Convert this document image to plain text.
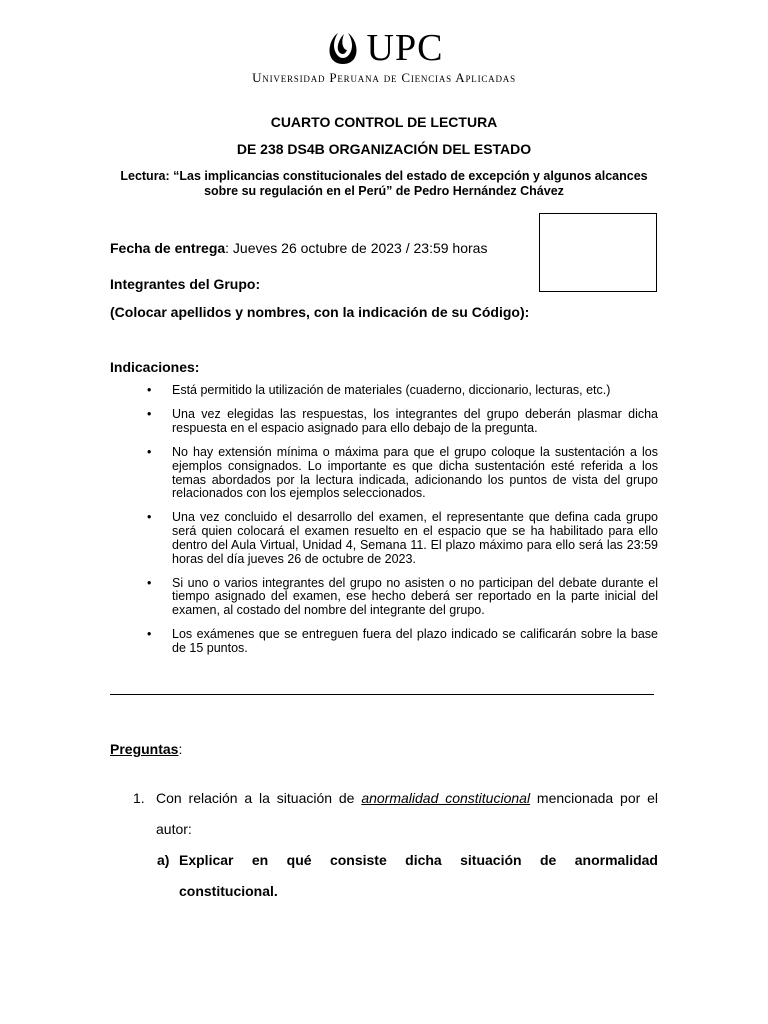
UPC
Universidad Peruana de Ciencias Aplicadas
CUARTO CONTROL DE LECTURA
DE 238 DS4B ORGANIZACIÓN DEL ESTADO
Lectura: “Las implicancias constitucionales del estado de excepción y algunos alcances sobre su regulación en el Perú” de Pedro Hernández Chávez
Fecha de entrega: Jueves 26 octubre de 2023 / 23:59 horas
Integrantes del Grupo:
(Colocar apellidos y nombres, con la indicación de su Código):
Indicaciones:
• Está permitido la utilización de materiales (cuaderno, diccionario, lecturas, etc.)
• Una vez elegidas las respuestas, los integrantes del grupo deberán plasmar dicha respuesta en el espacio asignado para ello debajo de la pregunta.
• No hay extensión mínima o máxima para que el grupo coloque la sustentación a los ejemplos consignados. Lo importante es que dicha sustentación esté referida a los temas abordados por la lectura indicada, adicionando los puntos de vista del grupo relacionados con los ejemplos seleccionados.
• Una vez concluido el desarrollo del examen, el representante que defina cada grupo será quien colocará el examen resuelto en el espacio que se ha habilitado para ello dentro del Aula Virtual, Unidad 4, Semana 11. El plazo máximo para ello será las 23:59 horas del día jueves 26 de octubre de 2023.
• Si uno o varios integrantes del grupo no asisten o no participan del debate durante el tiempo asignado del examen, ese hecho deberá ser reportado en la parte inicial del examen, al costado del nombre del integrante del grupo.
• Los exámenes que se entreguen fuera del plazo indicado se calificarán sobre la base de 15 puntos.
Preguntas:
1. Con relación a la situación de anormalidad constitucional mencionada por el autor:
a) Explicar en qué consiste dicha situación de anormalidad constitucional.
